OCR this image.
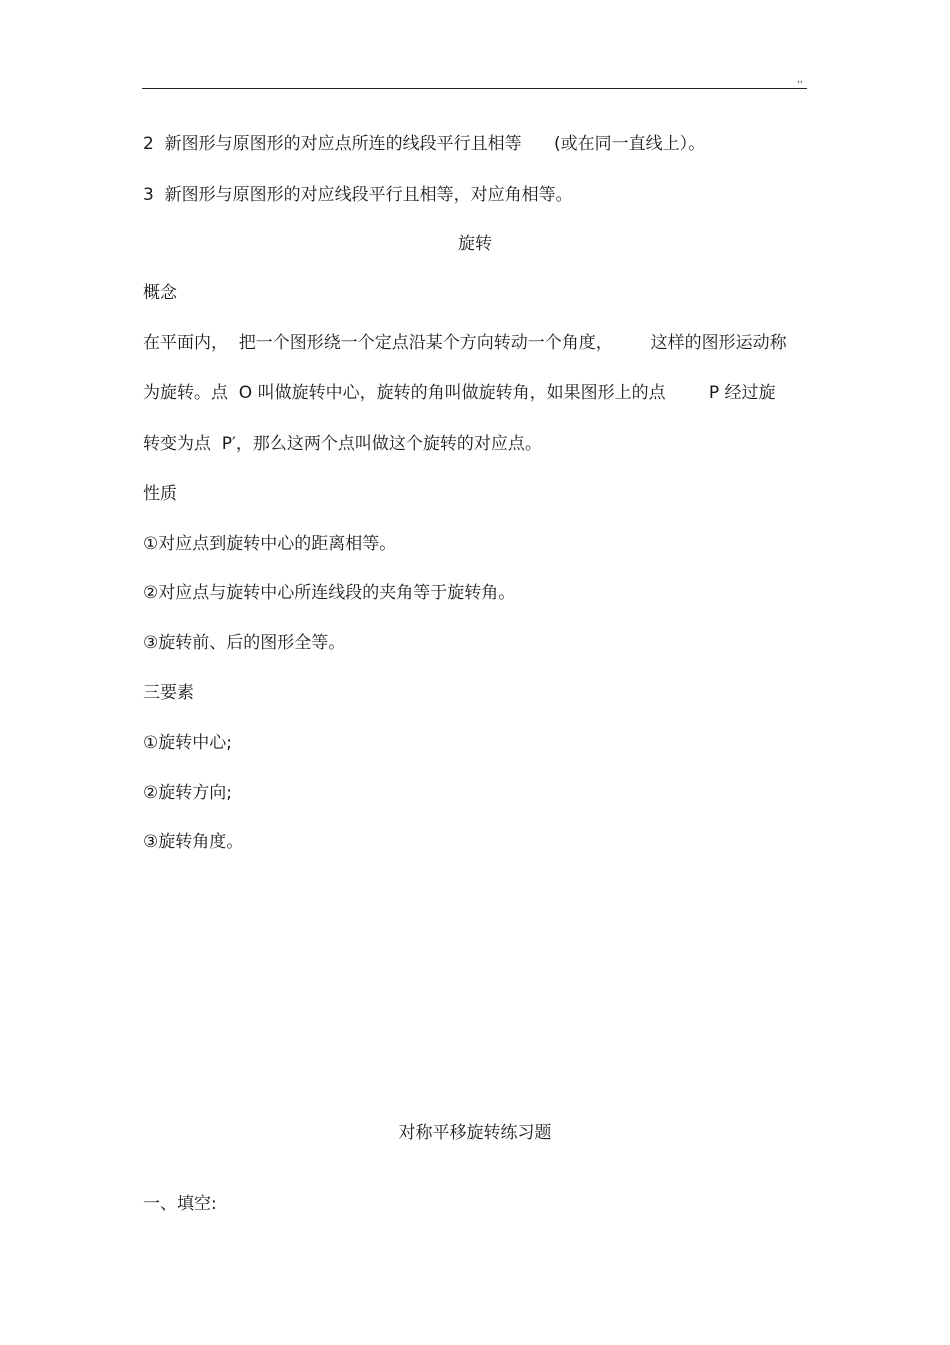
,,
2  新图形与原图形的对应点所连的线段平行且相等      (或在同一直线上）。
3  新图形与原图形的对应线段平行且相等，对应角相等。
旋转
概念
在平面内，  把一个图形绕一个定点沿某个方向转动一个角度，       这样的图形运动称
为旋转。点  O 叫做旋转中心，旋转的角叫做旋转角，如果图形上的点        P 经过旋
转变为点  P′，那么这两个点叫做这个旋转的对应点。
性质
①对应点到旋转中心的距离相等。
②对应点与旋转中心所连线段的夹角等于旋转角。
③旋转前、后的图形全等。
三要素
①旋转中心;
②旋转方向;
③旋转角度。
对称平移旋转练习题
一、填空:
